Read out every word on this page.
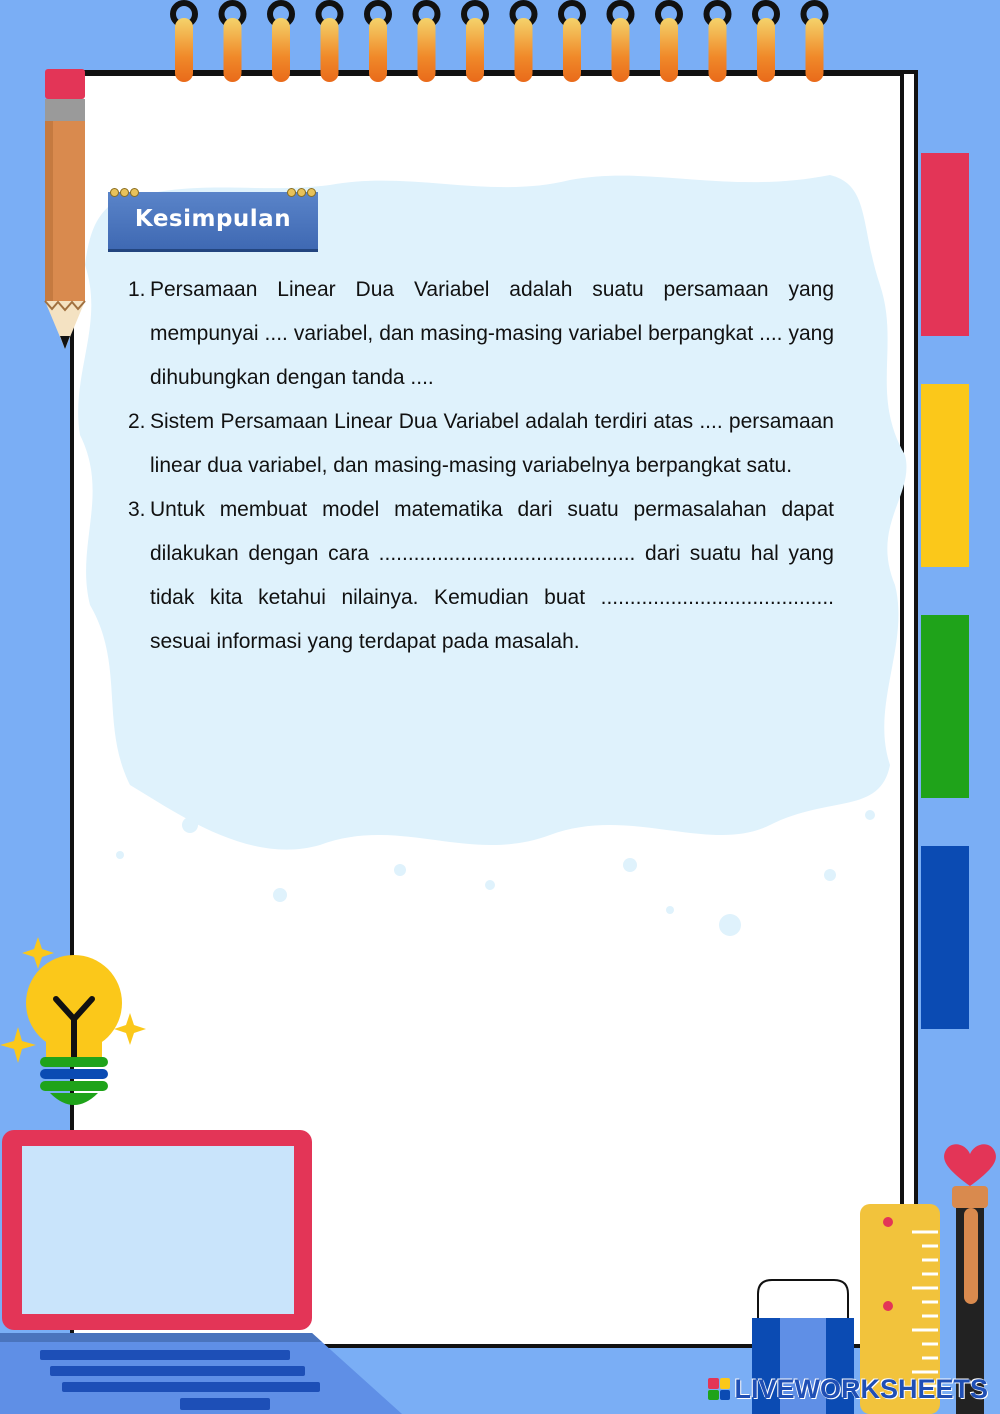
Kesimpulan
1. Persamaan Linear Dua Variabel adalah suatu persamaan yang mempunyai .... variabel, dan masing-masing variabel berpangkat .... yang dihubungkan dengan tanda ....
2. Sistem Persamaan Linear Dua Variabel adalah terdiri atas .... persamaan linear dua variabel, dan masing-masing variabelnya berpangkat satu.
3. Untuk membuat model matematika dari suatu permasalahan dapat dilakukan dengan cara ............................................ dari suatu hal yang tidak kita ketahui nilainya. Kemudian buat ........................................ sesuai informasi yang terdapat pada masalah.
LIVEWORKSHEETS
